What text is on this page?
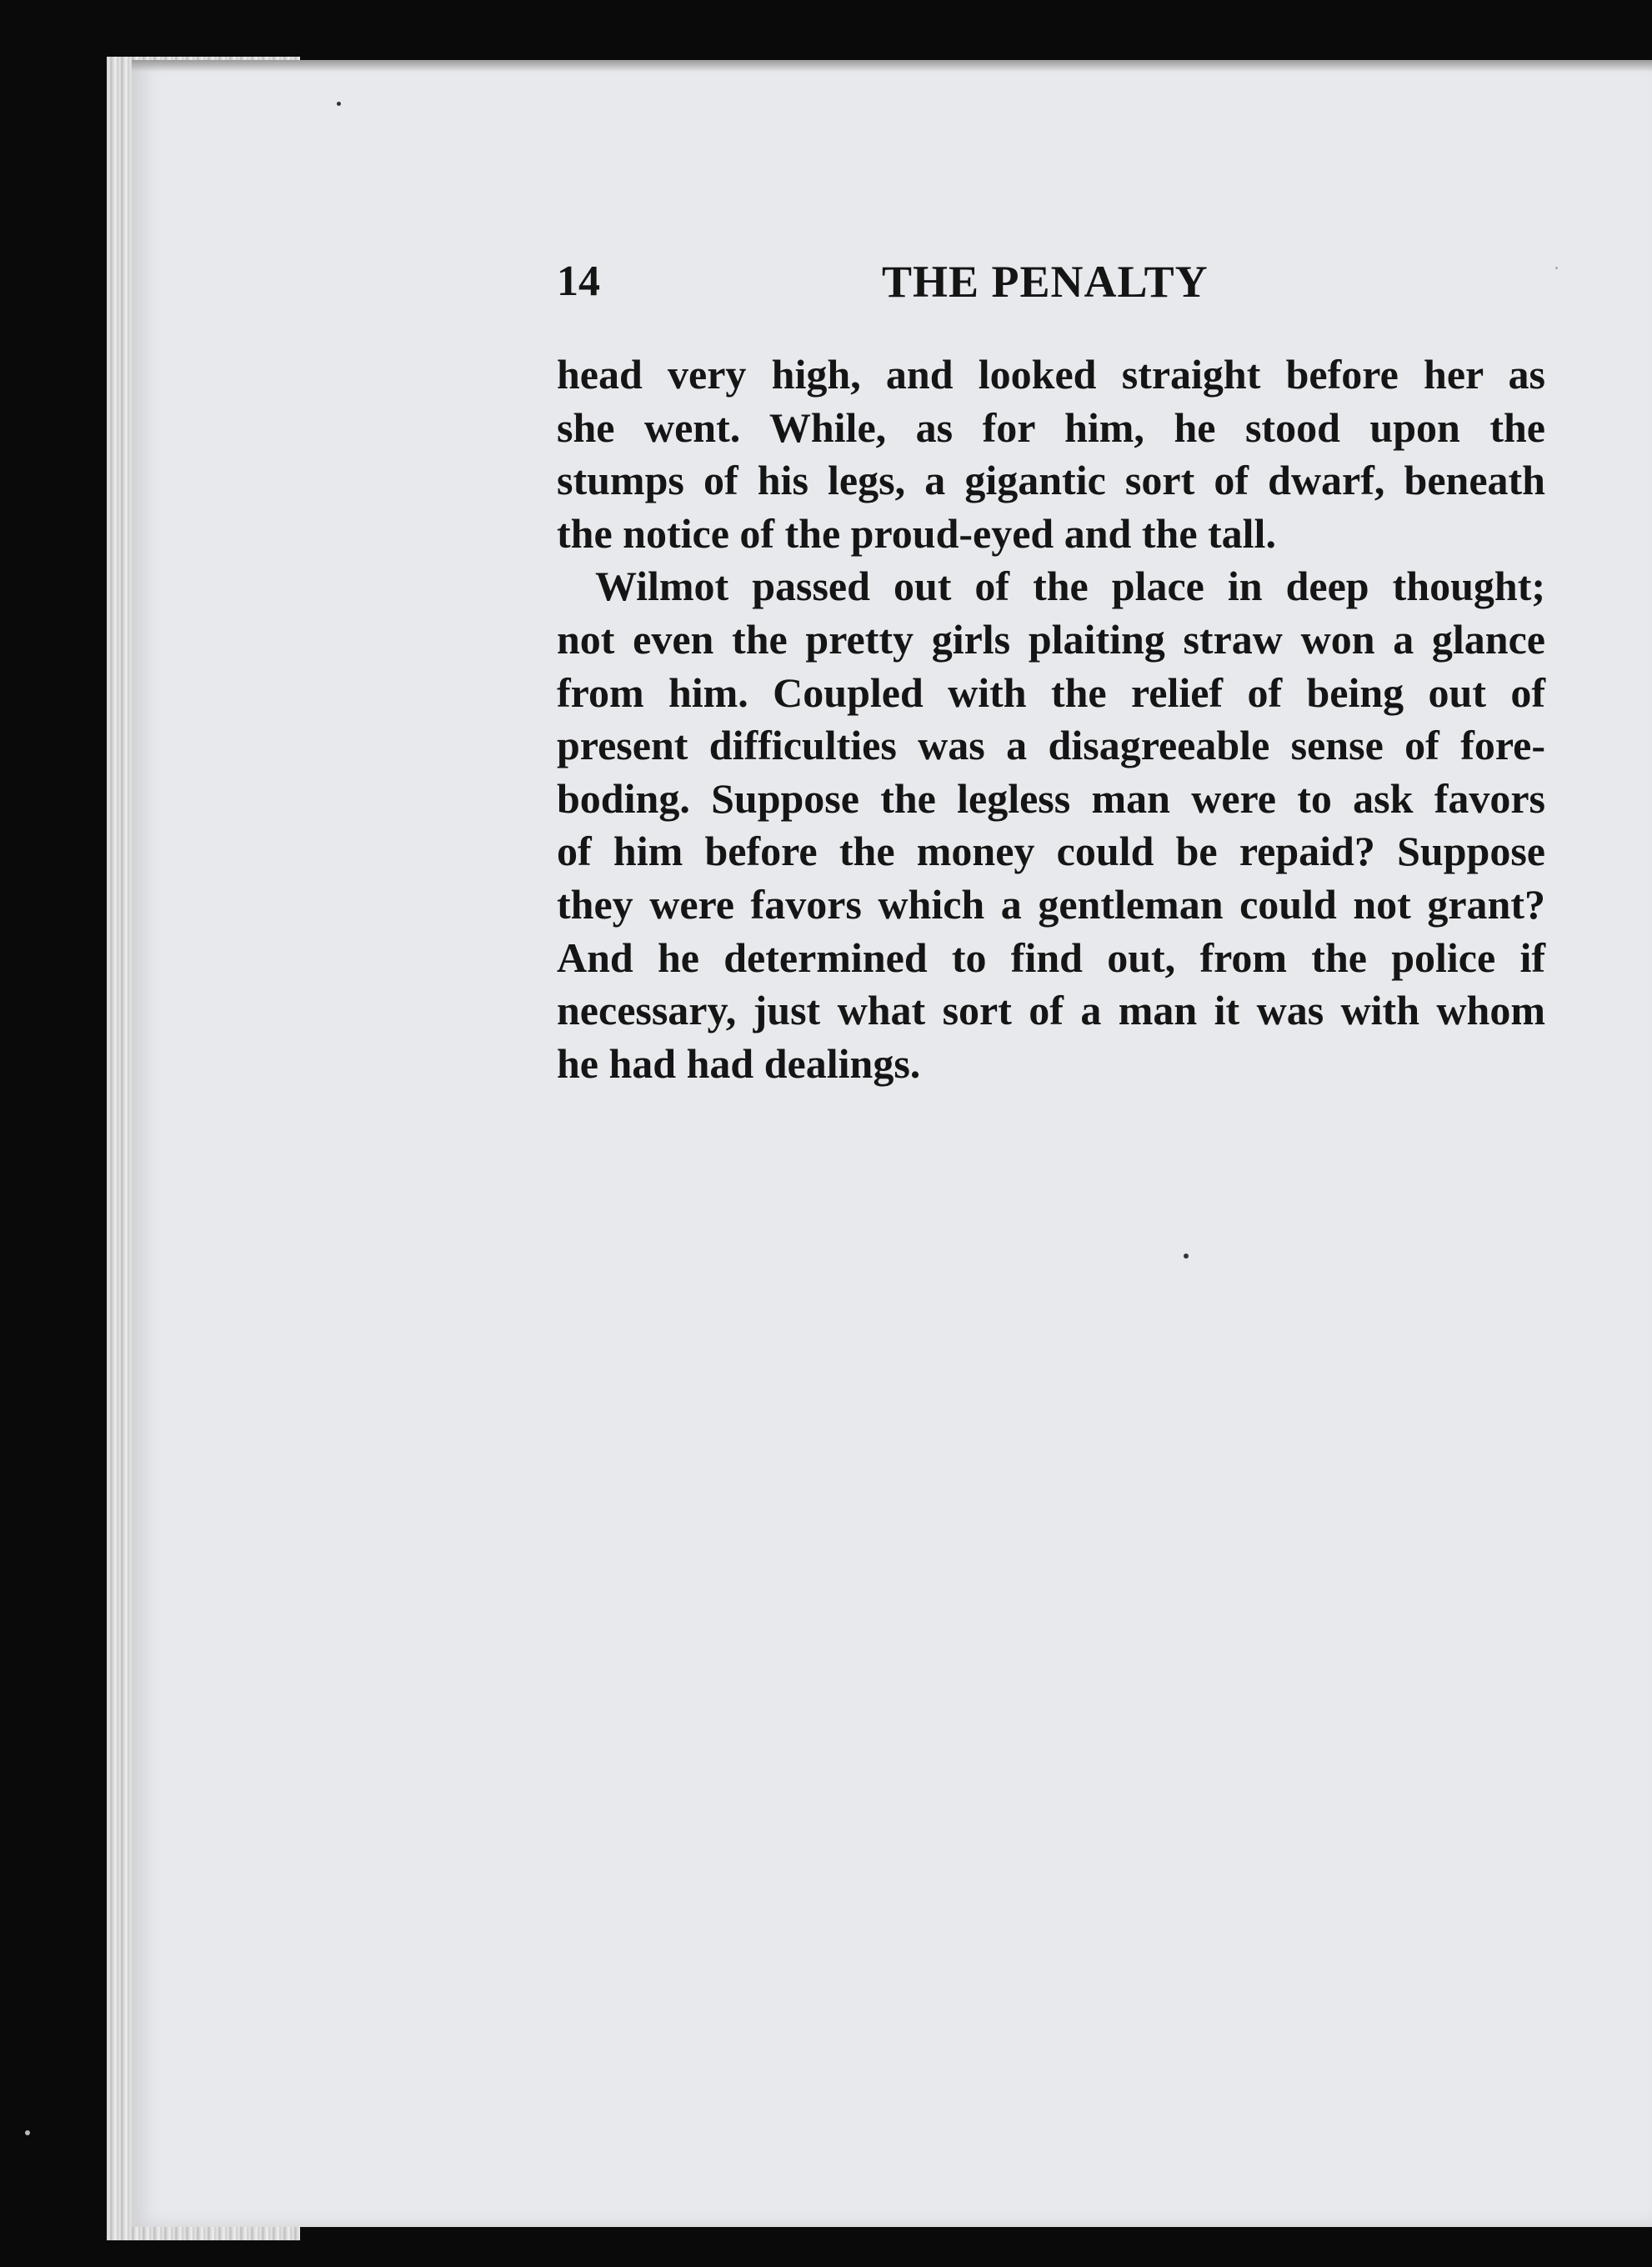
14	THE PENALTY
head very high, and looked straight before her as
she went. While, as for him, he stood upon the
stumps of his legs, a gigantic sort of dwarf, beneath
the notice of the proud-eyed and the tall.
Wilmot passed out of the place in deep thought;
not even the pretty girls plaiting straw won a glance
from him. Coupled with the relief of being out of
present difficulties was a disagreeable sense of fore-
boding. Suppose the legless man were to ask favors
of him before the money could be repaid? Suppose
they were favors which a gentleman could not grant?
And he determined to find out, from the police if
necessary, just what sort of a man it was with whom
he had had dealings.
